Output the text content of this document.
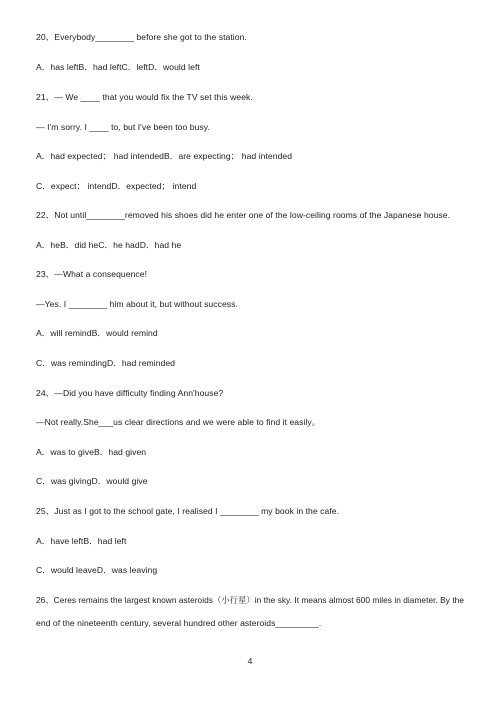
20、Everybody________ before she got to the station.
A．has leftB．had leftC．leftD．would left
21、— We ____ that you would fix the TV set this week.
— I'm sorry. I ____ to, but I've been too busy.
A．had expected； had intendedB．are expecting； had intended
C．expect； intendD．expected； intend
22、Not until________removed his shoes did he enter one of the low-ceiling rooms of the Japanese house.
A．heB．did heC．he hadD．had he
23、—What a consequence!
—Yes. I ________ him about it, but without success.
A．will remindB．would remind
C．was remindingD．had reminded
24、—Did you have difficulty finding Ann'house?
—Not really.She___us clear directions and we were able to find it easily。
A．was to giveB．had given
C．was givingD．would give
25、Just as I got to the school gate, I realised I ________ my book in the cafe.
A．have leftB．had left
C．would leaveD．was leaving
26、Ceres remains the largest known asteroids（小行星）in the sky. It means almost 600 miles in diameter. By the
end of the nineteenth century, several hundred other asteroids_________.
4
